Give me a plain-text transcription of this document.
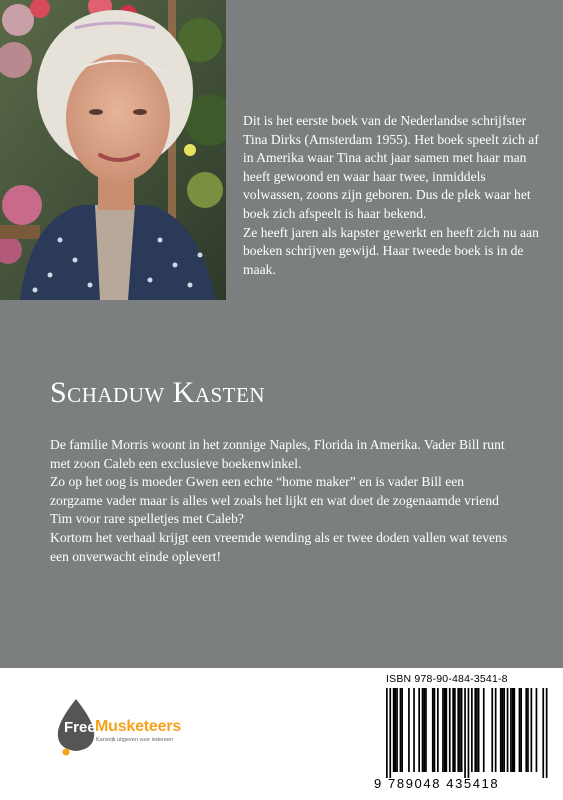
Dit is het eerste boek van de Nederlandse schrijfster Tina Dirks (Amsterdam 1955). Het boek speelt zich af in Amerika waar Tina acht jaar samen met haar man heeft gewoond en waar haar twee, inmiddels volwassen, zoons zijn geboren. Dus de plek waar het boek zich afspeelt is haar bekend.

Ze heeft jaren als kapster gewerkt en heeft zich nu aan boeken schrijven gewijd. Haar tweede boek is in de maak.

Schaduw Kasten

De familie Morris woont in het zonnige Naples, Florida in Amerika. Vader Bill runt met zoon Caleb een exclusieve boekenwinkel.

Zo op het oog is moeder Gwen een echte “home maker” en is vader Bill een zorgzame vader maar is alles wel zoals het lijkt en wat doet de zogenaamde vriend Tim voor rare spelletjes met Caleb?

Kortom het verhaal krijgt een vreemde wending als er twee doden vallen wat tevens een onverwacht einde oplevert!

Free Musketeers
Kansrijk uitgeven voor iedereen
ISBN 978-90-484-3541-8
9 789048 435418
